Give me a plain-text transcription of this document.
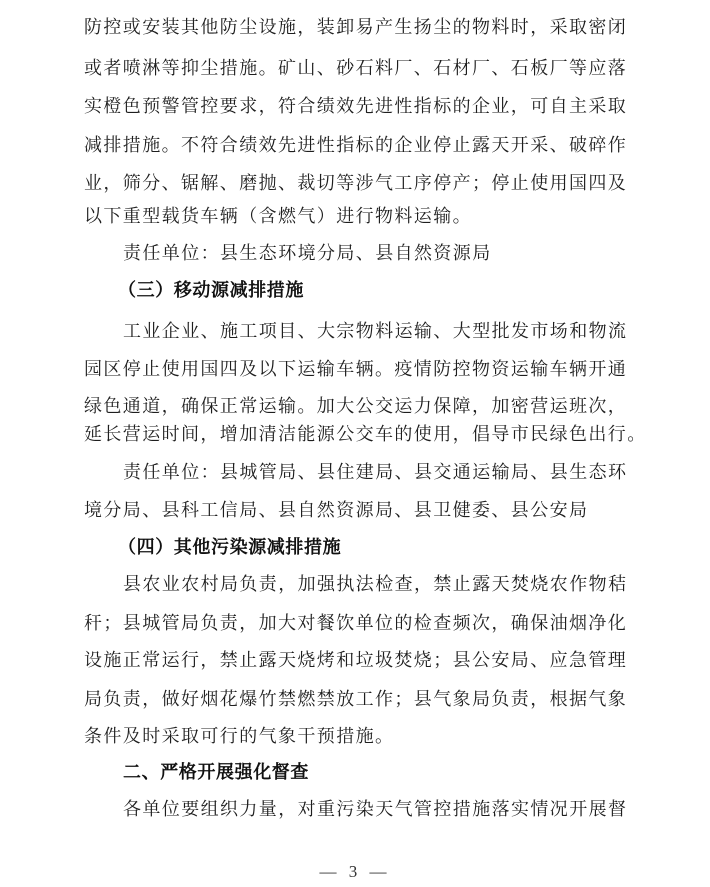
防控或安装其他防尘设施，装卸易产生扬尘的物料时，采取密闭
或者喷淋等抑尘措施。矿山、砂石料厂、石材厂、石板厂等应落
实橙色预警管控要求，符合绩效先进性指标的企业，可自主采取
减排措施。不符合绩效先进性指标的企业停止露天开采、破碎作
业，筛分、锯解、磨抛、裁切等涉气工序停产；停止使用国四及
以下重型载货车辆（含燃气）进行物料运输。
责任单位：县生态环境分局、县自然资源局
（三）移动源减排措施
工业企业、施工项目、大宗物料运输、大型批发市场和物流
园区停止使用国四及以下运输车辆。疫情防控物资运输车辆开通
绿色通道，确保正常运输。加大公交运力保障，加密营运班次，
延长营运时间，增加清洁能源公交车的使用，倡导市民绿色出行。
责任单位：县城管局、县住建局、县交通运输局、县生态环
境分局、县科工信局、县自然资源局、县卫健委、县公安局
（四）其他污染源减排措施
县农业农村局负责，加强执法检查，禁止露天焚烧农作物秸
秆；县城管局负责，加大对餐饮单位的检查频次，确保油烟净化
设施正常运行，禁止露天烧烤和垃圾焚烧；县公安局、应急管理
局负责，做好烟花爆竹禁燃禁放工作；县气象局负责，根据气象
条件及时采取可行的气象干预措施。
二、严格开展强化督查
各单位要组织力量，对重污染天气管控措施落实情况开展督
— 3 —
